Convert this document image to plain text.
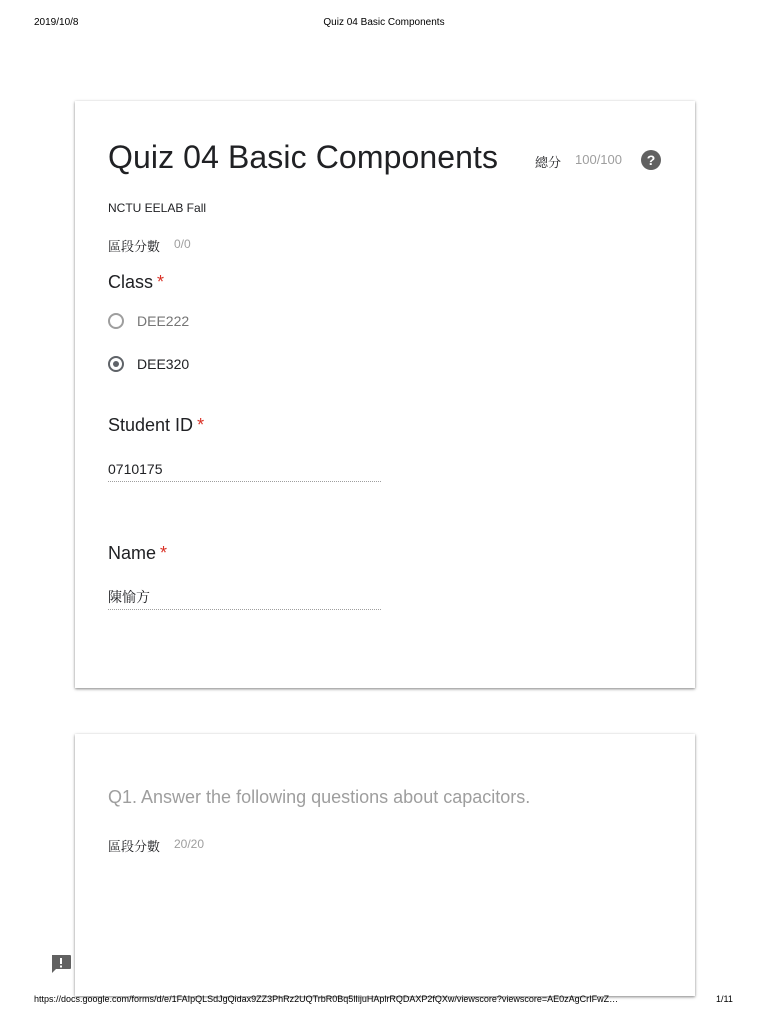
2019/10/8	Quiz 04 Basic Components
Quiz 04 Basic Components	總分 100/100	?
NCTU EELAB Fall
區段分數 0/0
Class *
DEE222
DEE320
Student ID *
0710175
Name *
陳愉方
Q1. Answer the following questions about capacitors.
區段分數 20/20
https://docs.google.com/forms/d/e/1FAIpQLSdJgQidax9ZZ3PhRz2UQTrbR0Bq5lIijuHAplrRQDAXP2fQXw/viewscore?viewscore=AE0zAgCrIFwZ…	1/11
